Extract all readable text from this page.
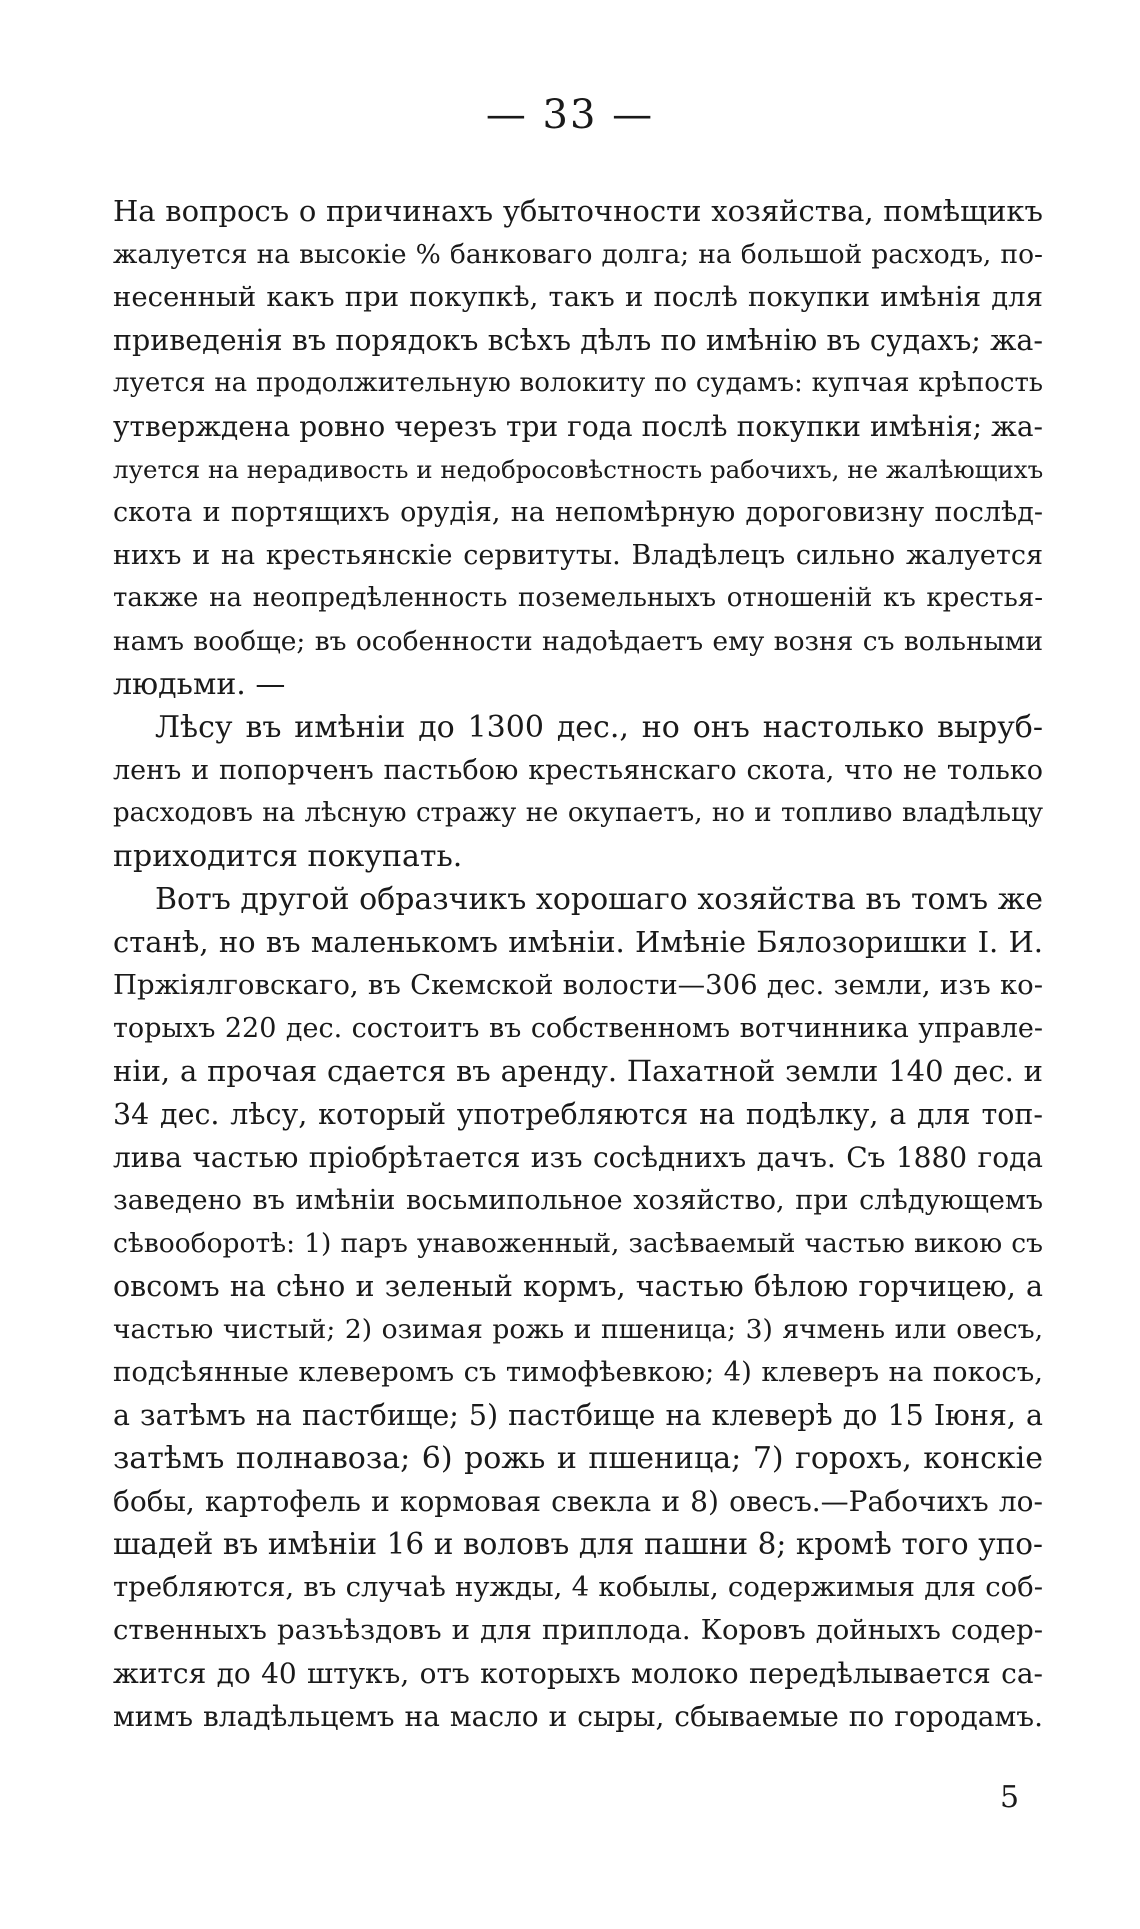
— 33 —
На вопросъ о причинахъ убыточности хозяйства, помѣщикъ
жалуется на высокіе % банковаго долга; на большой расходъ, по-
несенный какъ при покупкѣ, такъ и послѣ покупки имѣнія для
приведенія въ порядокъ всѣхъ дѣлъ по имѣнію въ судахъ; жа-
луется на продолжительную волокиту по судамъ: купчая крѣпость
утверждена ровно черезъ три года послѣ покупки имѣнія; жа-
луется на нерадивость и недобросовѣстность рабочихъ, не жалѣющихъ
скота и портящихъ орудія, на непомѣрную дороговизну послѣд-
нихъ и на крестьянскіе сервитуты. Владѣлецъ сильно жалуется
также на неопредѣленность поземельныхъ отношеній къ крестья-
намъ вообще; въ особенности надоѣдаетъ ему возня съ вольными
людьми. —
Лѣсу въ имѣніи до 1300 дес., но онъ настолько выруб-
ленъ и попорченъ пастьбою крестьянскаго скота, что не только
расходовъ на лѣсную стражу не окупаетъ, но и топливо владѣльцу
приходится покупать.
Вотъ другой образчикъ хорошаго хозяйства въ томъ же
станѣ, но въ маленькомъ имѣніи. Имѣніе Бялозоришки І. И.
Пржіялговскаго, въ Скемской волости—306 дес. земли, изъ ко-
торыхъ 220 дес. состоитъ въ собственномъ вотчинника управле-
ніи, а прочая сдается въ аренду. Пахатной земли 140 дес. и
34 дес. лѣсу, который употребляются на подѣлку, а для топ-
лива частью пріобрѣтается изъ сосѣднихъ дачъ. Съ 1880 года
заведено въ имѣніи восьмипольное хозяйство, при слѣдующемъ
сѣвооборотѣ: 1) паръ унавоженный, засѣваемый частью викою съ
овсомъ на сѣно и зеленый кормъ, частью бѣлою горчицею, а
частью чистый; 2) озимая рожь и пшеница; 3) ячмень или овесъ,
подсѣянные клеверомъ съ тимофѣевкою; 4) клеверъ на покосъ,
а затѣмъ на пастбище; 5) пастбище на клеверѣ до 15 Іюня, а
затѣмъ полнавоза; 6) рожь и пшеница; 7) горохъ, конскіе
бобы, картофель и кормовая свекла и 8) овесъ.—Рабочихъ ло-
шадей въ имѣніи 16 и воловъ для пашни 8; кромѣ того упо-
требляются, въ случаѣ нужды, 4 кобылы, содержимыя для соб-
ственныхъ разъѣздовъ и для приплода. Коровъ дойныхъ содер-
жится до 40 штукъ, отъ которыхъ молоко передѣлывается са-
мимъ владѣльцемъ на масло и сыры, сбываемые по городамъ.
5
